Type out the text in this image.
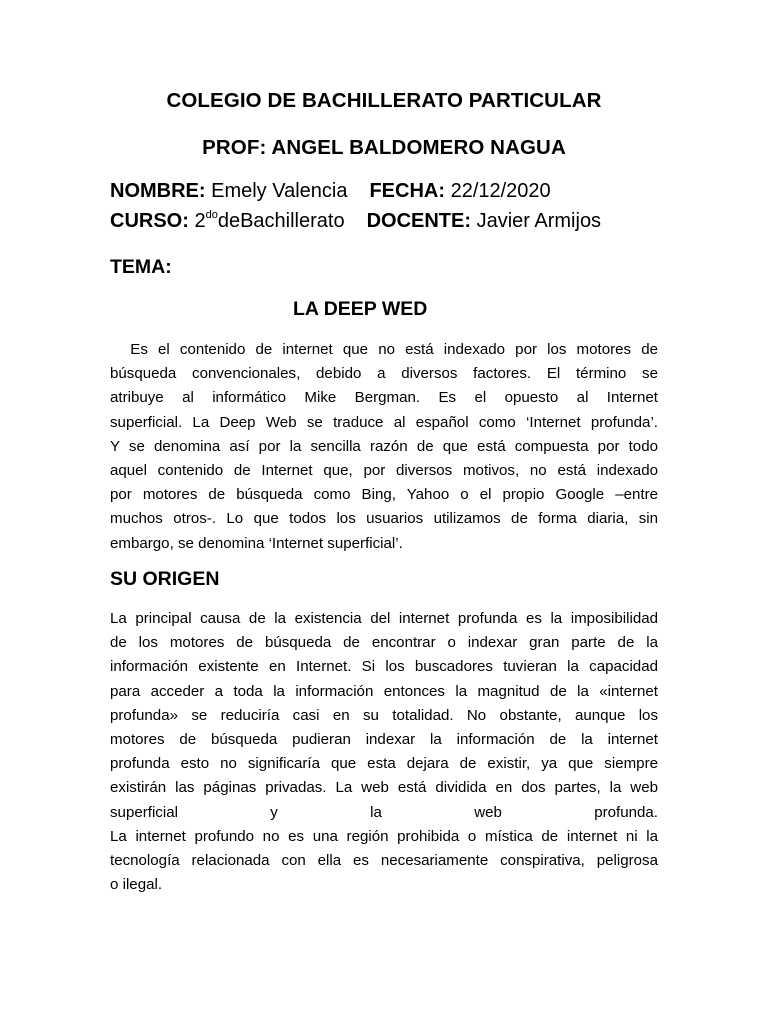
COLEGIO DE BACHILLERATO PARTICULAR
PROF: ANGEL BALDOMERO NAGUA
NOMBRE: Emely Valencia FECHA: 22/12/2020
CURSO: $2^{do}deBachillerato$ DOCENTE: Javier Armijos
TEMA:
LA DEEP WED
Es el contenido de internet que no está indexado por los motores de
búsqueda convencionales, debido a diversos factores. El término se
atribuye al informático Mike Bergman. Es el opuesto al Internet
superficial. La Deep Web se traduce al español como ‘Internet profunda’.
Y se denomina así por la sencilla razón de que está compuesta por todo
aquel contenido de Internet que, por diversos motivos, no está indexado
por motores de búsqueda como Bing, Yahoo o el propio Google –entre
muchos otros-. Lo que todos los usuarios utilizamos de forma diaria, sin
embargo, se denomina ‘Internet superficial’.
SU ORIGEN
La principal causa de la existencia del internet profunda es la imposibilidad
de los motores de búsqueda de encontrar o indexar gran parte de la
información existente en Internet. Si los buscadores tuvieran la capacidad
para acceder a toda la información entonces la magnitud de la «internet
profunda» se reduciría casi en su totalidad. No obstante, aunque los
motores de búsqueda pudieran indexar la información de la internet
profunda esto no significaría que esta dejara de existir, ya que siempre
existirán las páginas privadas. La web está dividida en dos partes, la web
superficial y la web profunda.
La internet profundo no es una región prohibida o mística de internet ni la
tecnología relacionada con ella es necesariamente conspirativa, peligrosa
o ilegal.
